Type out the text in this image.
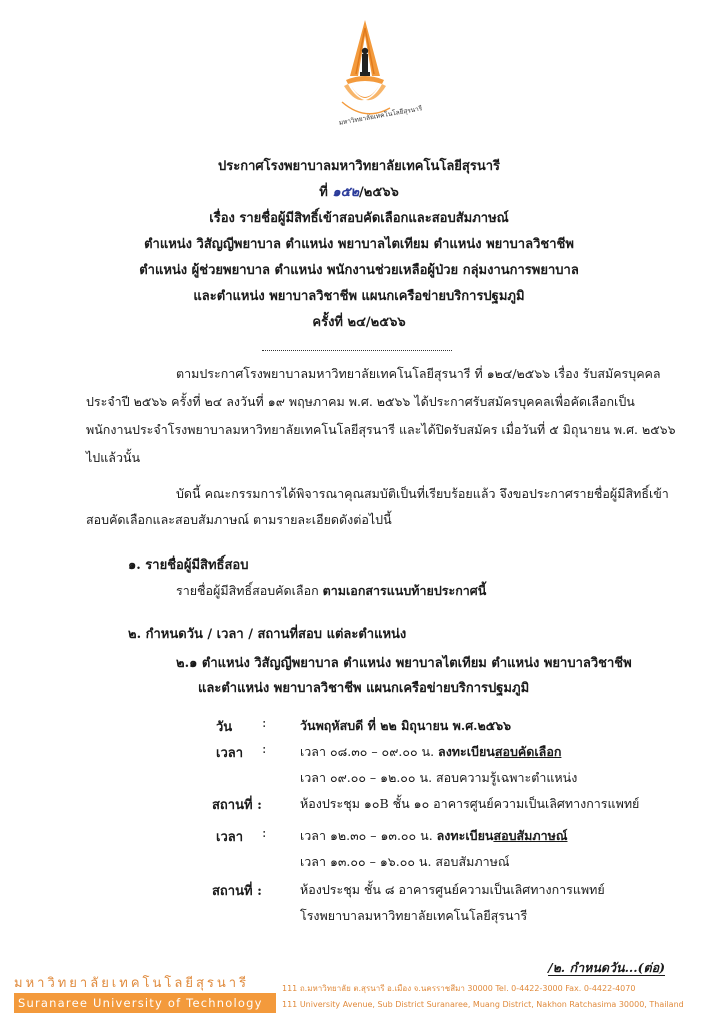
มหาวิทยาลัยเทคโนโลยีสุรนารี
ประกาศโรงพยาบาลมหาวิทยาลัยเทคโนโลยีสุรนารี
ที่ ๑๕๒/๒๕๖๖
เรื่อง รายชื่อผู้มีสิทธิ์เข้าสอบคัดเลือกและสอบสัมภาษณ์
ตำแหน่ง วิสัญญีพยาบาล ตำแหน่ง พยาบาลไตเทียม ตำแหน่ง พยาบาลวิชาชีพ
ตำแหน่ง ผู้ช่วยพยาบาล ตำแหน่ง พนักงานช่วยเหลือผู้ป่วย กลุ่มงานการพยาบาล
และตำแหน่ง พยาบาลวิชาชีพ แผนกเครือข่ายบริการปฐมภูมิ
ครั้งที่ ๒๔/๒๕๖๖
ตามประกาศโรงพยาบาลมหาวิทยาลัยเทคโนโลยีสุรนารี ที่ ๑๒๔/๒๕๖๖ เรื่อง รับสมัครบุคคล
ประจำปี ๒๕๖๖ ครั้งที่ ๒๔ ลงวันที่ ๑๙ พฤษภาคม พ.ศ. ๒๕๖๖ ได้ประกาศรับสมัครบุคคลเพื่อคัดเลือกเป็น
พนักงานประจำโรงพยาบาลมหาวิทยาลัยเทคโนโลยีสุรนารี และได้ปิดรับสมัคร เมื่อวันที่ ๕ มิถุนายน พ.ศ. ๒๕๖๖
ไปแล้วนั้น
บัดนี้ คณะกรรมการได้พิจารณาคุณสมบัติเป็นที่เรียบร้อยแล้ว จึงขอประกาศรายชื่อผู้มีสิทธิ์เข้า
สอบคัดเลือกและสอบสัมภาษณ์ ตามรายละเอียดดังต่อไปนี้
๑. รายชื่อผู้มีสิทธิ์สอบ
รายชื่อผู้มีสิทธิ์สอบคัดเลือก ตามเอกสารแนบท้ายประกาศนี้
๒. กำหนดวัน / เวลา / สถานที่สอบ แต่ละตำแหน่ง
๒.๑ ตำแหน่ง วิสัญญีพยาบาล ตำแหน่ง พยาบาลไตเทียม ตำแหน่ง พยาบาลวิชาชีพ
และตำแหน่ง พยาบาลวิชาชีพ แผนกเครือข่ายบริการปฐมภูมิ
วัน :	วันพฤหัสบดี ที่ ๒๒ มิถุนายน พ.ศ.๒๕๖๖
เวลา :	เวลา ๐๘.๓๐ – ๐๙.๐๐ น. ลงทะเบียนสอบคัดเลือก
เวลา ๐๙.๐๐ – ๑๒.๐๐ น. สอบความรู้เฉพาะตำแหน่ง
สถานที่ :	ห้องประชุม ๑๐B ชั้น ๑๐ อาคารศูนย์ความเป็นเลิศทางการแพทย์
เวลา :	เวลา ๑๒.๓๐ – ๑๓.๐๐ น. ลงทะเบียนสอบสัมภาษณ์
เวลา ๑๓.๐๐ – ๑๖.๐๐ น. สอบสัมภาษณ์
สถานที่ :	ห้องประชุม ชั้น ๘ อาคารศูนย์ความเป็นเลิศทางการแพทย์
โรงพยาบาลมหาวิทยาลัยเทคโนโลยีสุรนารี
/๒. กำหนดวัน...(ต่อ)
มหาวิทยาลัยเทคโนโลยีสุรนารี
Suranaree University of Technology
111 ถ.มหาวิทยาลัย ต.สุรนารี อ.เมือง จ.นครราชสีมา 30000 Tel. 0-4422-3000 Fax. 0-4422-4070
111 University Avenue, Sub District Suranaree, Muang District, Nakhon Ratchasima 30000, Thailand
